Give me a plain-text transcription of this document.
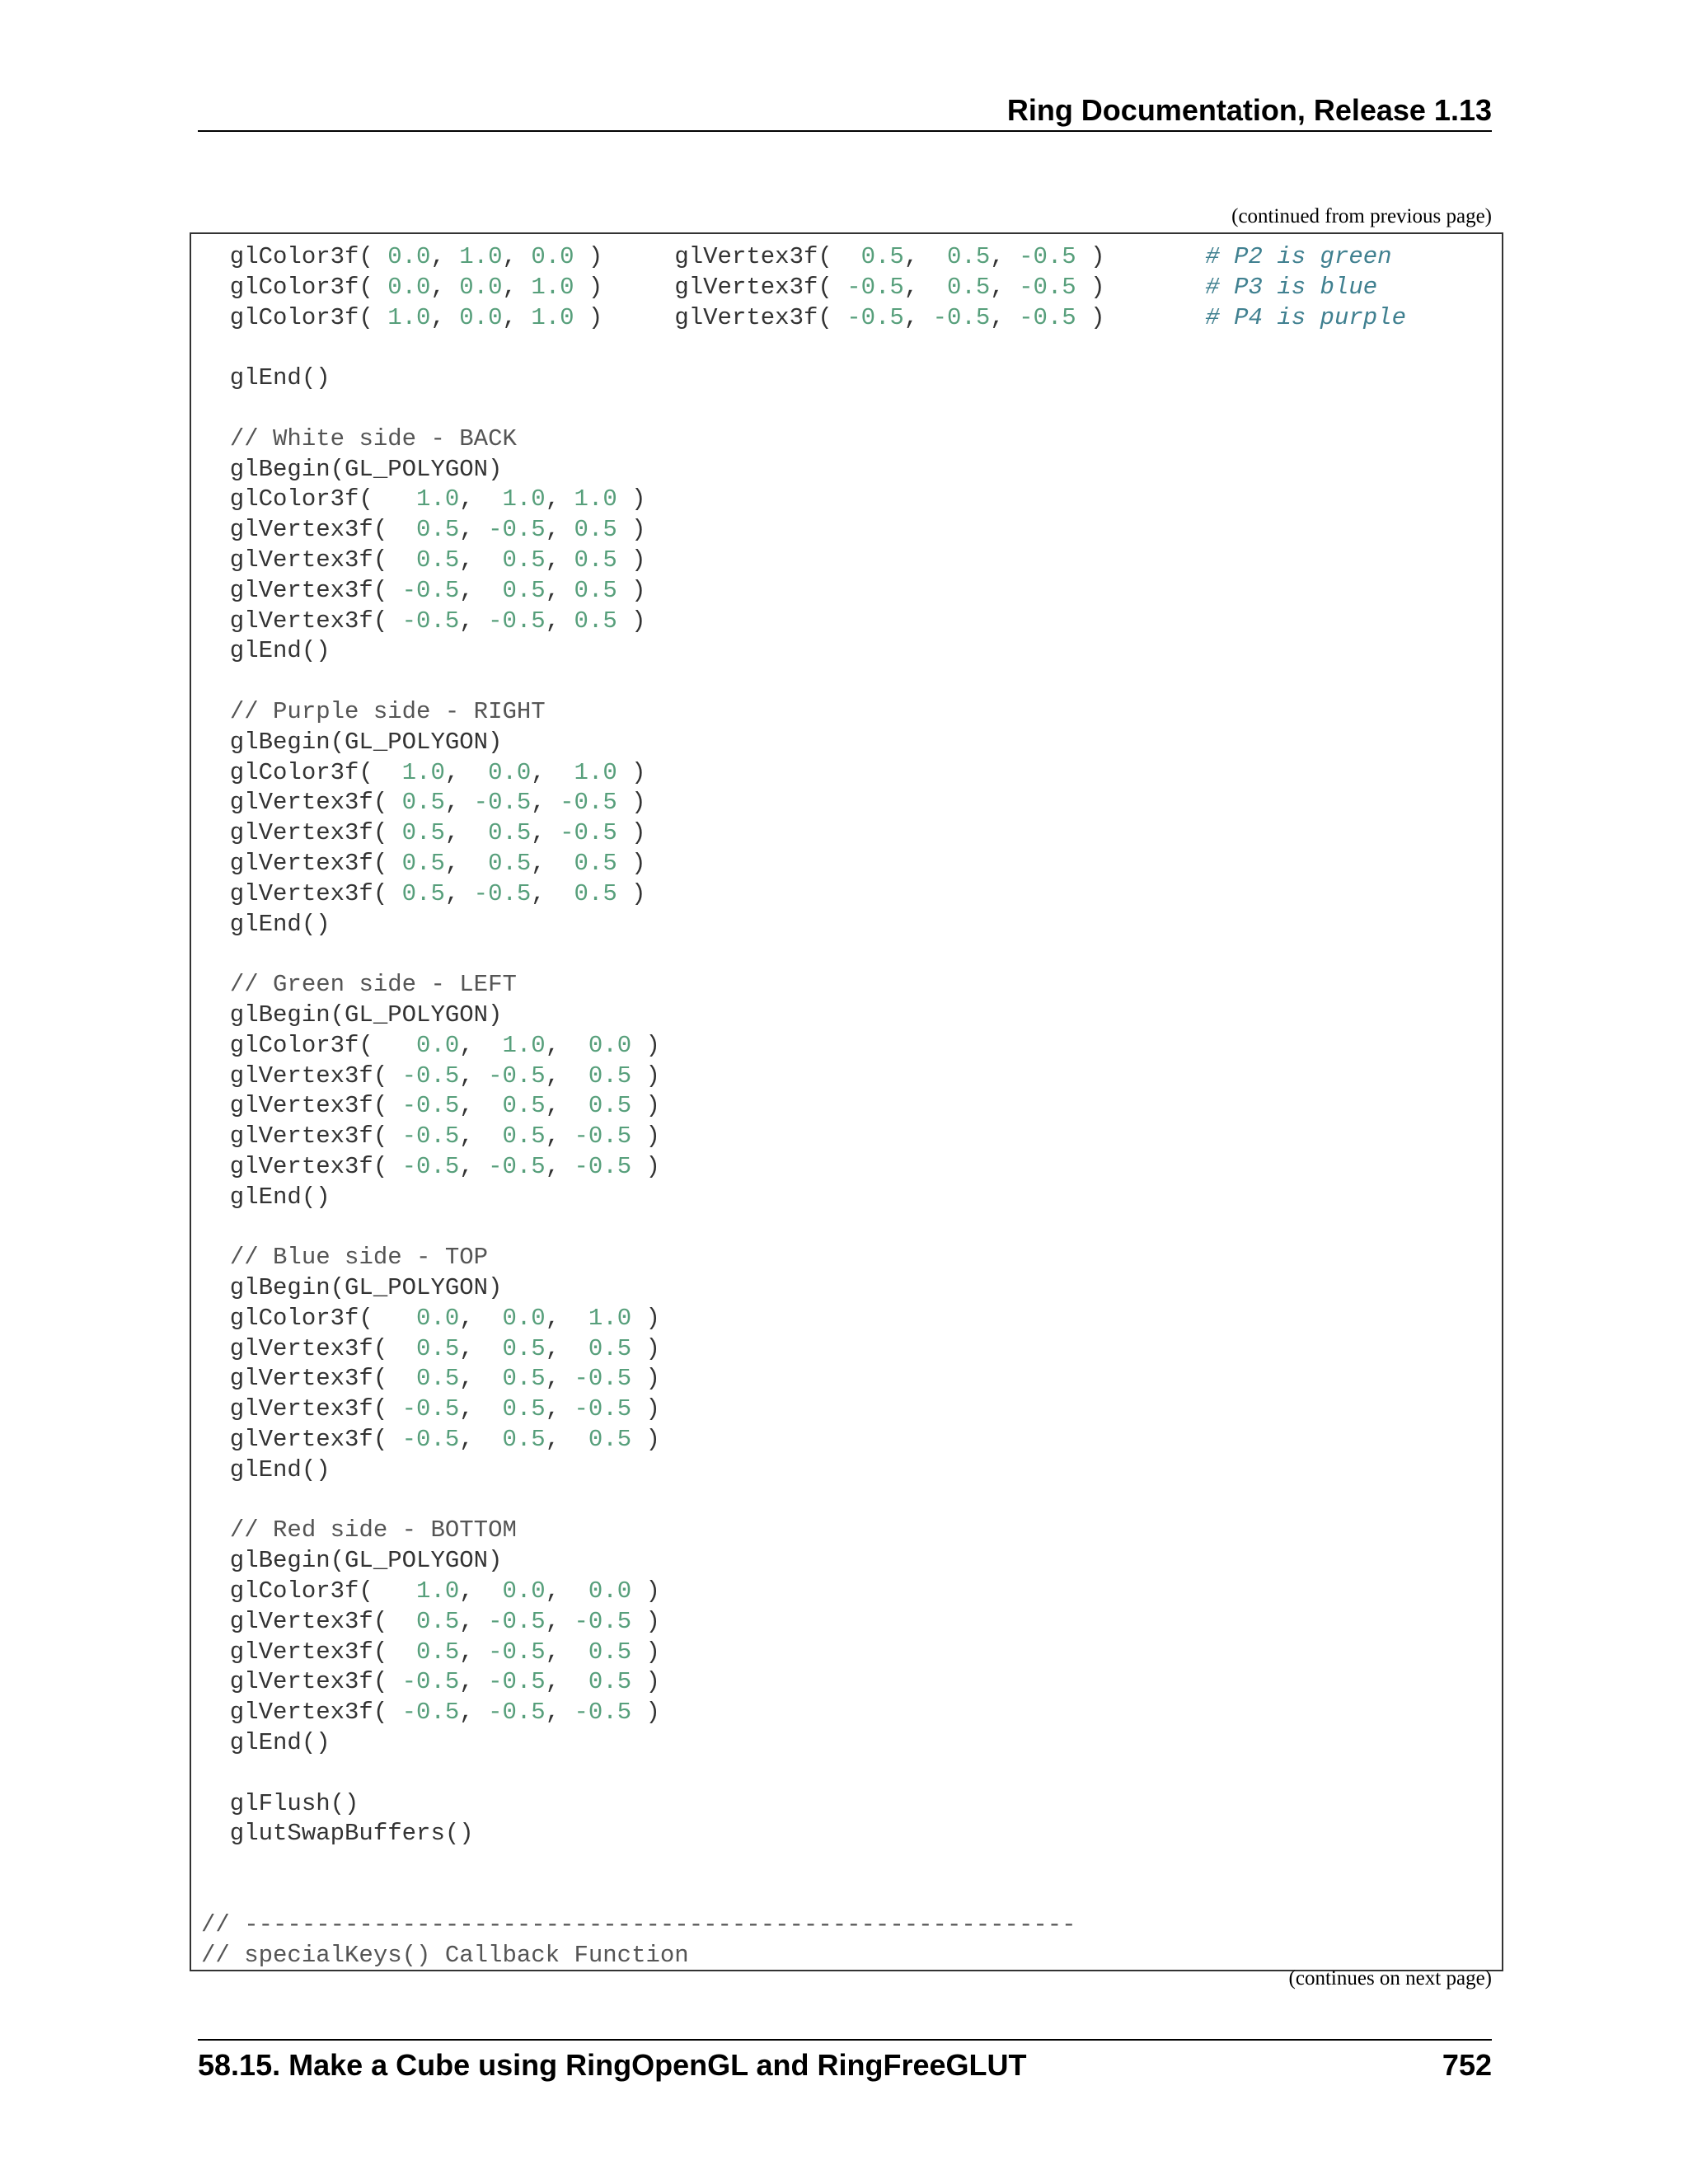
Ring Documentation, Release 1.13
(continued from previous page)
glColor3f( 0.0, 1.0, 0.0 )     glVertex3f(  0.5,  0.5, -0.5 )       # P2 is green
glColor3f( 0.0, 0.0, 1.0 )     glVertex3f( -0.5,  0.5, -0.5 )       # P3 is blue
glColor3f( 1.0, 0.0, 1.0 )     glVertex3f( -0.5, -0.5, -0.5 )       # P4 is purple
glEnd()
// White side - BACK
glBegin(GL_POLYGON)
glColor3f(   1.0,  1.0, 1.0 )
glVertex3f(  0.5, -0.5, 0.5 )
glVertex3f(  0.5,  0.5, 0.5 )
glVertex3f( -0.5,  0.5, 0.5 )
glVertex3f( -0.5, -0.5, 0.5 )
glEnd()
// Purple side - RIGHT
glBegin(GL_POLYGON)
glColor3f(  1.0,  0.0,  1.0 )
glVertex3f( 0.5, -0.5, -0.5 )
glVertex3f( 0.5,  0.5, -0.5 )
glVertex3f( 0.5,  0.5,  0.5 )
glVertex3f( 0.5, -0.5,  0.5 )
glEnd()
// Green side - LEFT
glBegin(GL_POLYGON)
glColor3f(   0.0,  1.0,  0.0 )
glVertex3f( -0.5, -0.5,  0.5 )
glVertex3f( -0.5,  0.5,  0.5 )
glVertex3f( -0.5,  0.5, -0.5 )
glVertex3f( -0.5, -0.5, -0.5 )
glEnd()
// Blue side - TOP
glBegin(GL_POLYGON)
glColor3f(   0.0,  0.0,  1.0 )
glVertex3f(  0.5,  0.5,  0.5 )
glVertex3f(  0.5,  0.5, -0.5 )
glVertex3f( -0.5,  0.5, -0.5 )
glVertex3f( -0.5,  0.5,  0.5 )
glEnd()
// Red side - BOTTOM
glBegin(GL_POLYGON)
glColor3f(   1.0,  0.0,  0.0 )
glVertex3f(  0.5, -0.5, -0.5 )
glVertex3f(  0.5, -0.5,  0.5 )
glVertex3f( -0.5, -0.5,  0.5 )
glVertex3f( -0.5, -0.5, -0.5 )
glEnd()
glFlush()
glutSwapBuffers()
// ----------------------------------------------------------
// specialKeys() Callback Function
(continues on next page)
58.15. Make a Cube using RingOpenGL and RingFreeGLUT	752
